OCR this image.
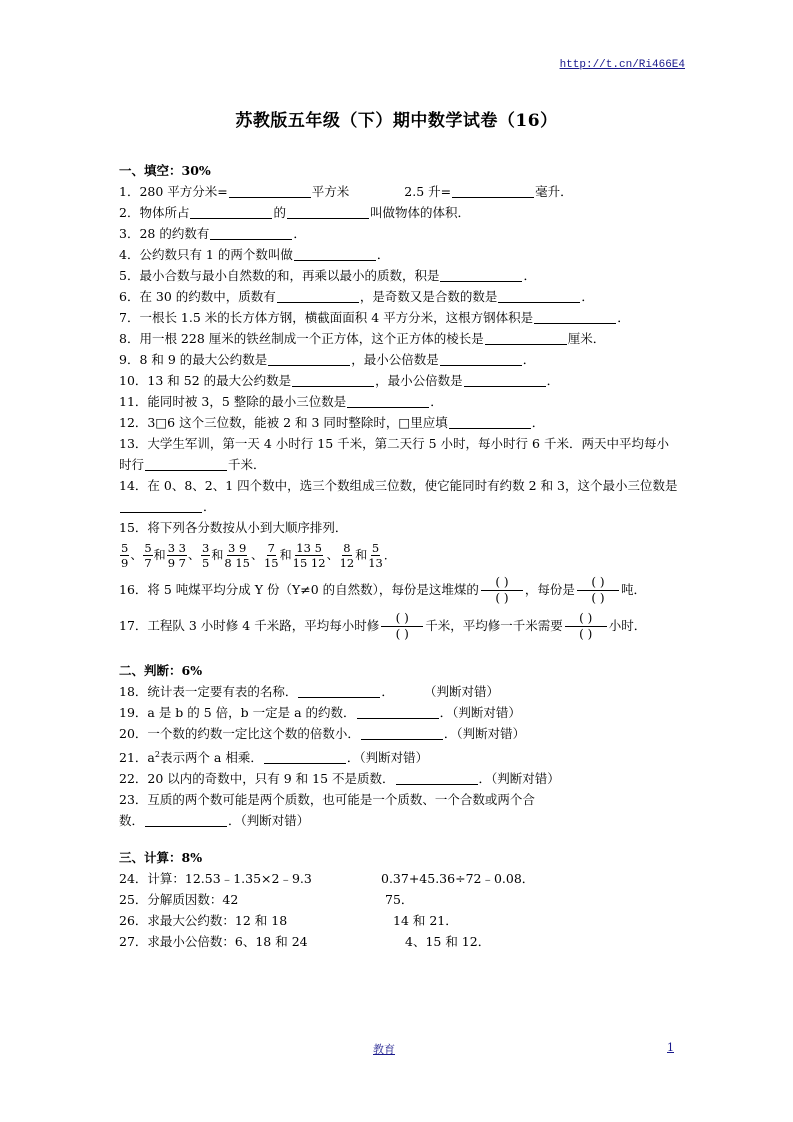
http://t.cn/Ri466E4
苏教版五年级（下）期中数学试卷（16）
一、填空：30%
1．280 平方分米=	平方米	2.5 升=	毫升．
2．物体所占	的	叫做物体的体积．
3．28 的约数有	．
4．公约数只有 1 的两个数叫做	．
5．最小合数与最小自然数的和，再乘以最小的质数，积是	．
6．在 30 的约数中，质数有	，是奇数又是合数的数是	．
7．一根长 1.5 米的长方体方钢，横截面面积 4 平方分米，这根方钢体积是	．
8．用一根 228 厘米的铁丝制成一个正方体，这个正方体的棱长是	厘米．
9．8 和 9 的最大公约数是	，最小公倍数是	．
10．13 和 52 的最大公约数是	，最小公倍数是	．
11．能同时被 3，5 整除的最小三位数是	．
12．3□6 这个三位数，能被 2 和 3 同时整除时，□里应填	．
13．大学生军训，第一天 4 小时行 15 千米，第二天行 5 小时，每小时行 6 千米．两天中平均每小时行	千米．
14．在 0、8、2、1 四个数中，选三个数组成三位数，使它能同时有约数 2 和 3，这个最小三位数是．
15．将下列各分数按从小到大顺序排列．
$\frac{5}{9}$ 、 $\frac{5}{7}$ 和 $\frac{3 3}{9 7}$ 、 $\frac{3}{5}$ 和 $\frac{3 9}{8 15}$ 、 $\frac{7}{15}$ 和 $\frac{13 5}{15 12}$ 、 $\frac{8}{12}$ 和 $\frac{5}{13}$ ．
16．将 5 吨煤平均分成 Y 份（Y≠0 的自然数），每份是这堆煤的	( )
( )
，每份是	( )
( )
吨．
17．工程队 3 小时修 4 千米路，平均每小时修	( )
( )
千米，平均修一千米需要	( )
( )
小时．
二、判断：6%
18．统计表一定要有表的名称．	． （判断对错）
19．a 是 b 的 5 倍，b 一定是 a 的约数．	．（判断对错）
20．一个数的约数一定比这个数的倍数小．	．（判断对错）
21．$a^2$表示两个 a 相乘．	．（判断对错）
22．20 以内的奇数中，只有 9 和 15 不是质数．	．（判断对错）
23．互质的两个数可能是两个质数，也可能是一个质数、一个合数或两个合
数．	．（判断对错）
三、计算：8%
24．计算：12.53﹣1.35×2﹣9.3	0.37+45.36÷72﹣0.08．
25．分解质因数：42	75．
26．求最大公约数：12 和 18	14 和 21．
27．求最小公倍数：6、18 和 24	4、15 和 12．
教育	1
